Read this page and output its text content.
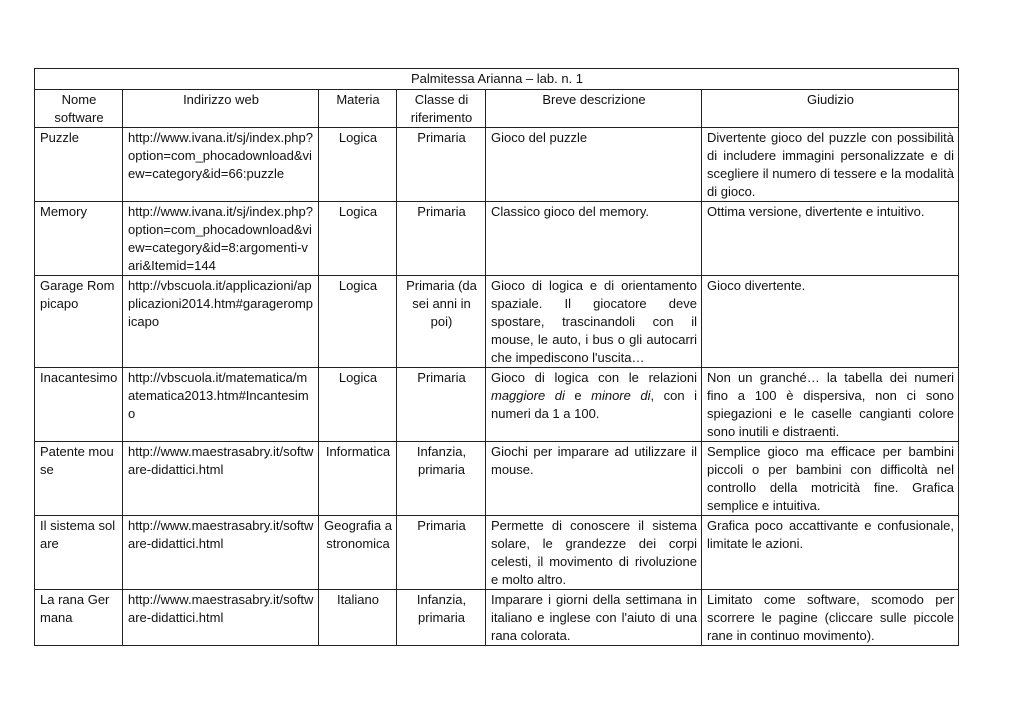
Palmitessa Arianna – lab. n. 1					
Nome software	Indirizzo web	Materia	Classe di riferimento	Breve descrizione	Giudizio
Puzzle	http://www.ivana.it/sj/index.php?option=com_phocadownload&view=category&id=66:puzzle	Logica	Primaria	Gioco del puzzle	Divertente gioco del puzzle con possibilità di includere immagini personalizzate e di scegliere il numero di tessere e la modalità di gioco.
Memory	http://www.ivana.it/sj/index.php?option=com_phocadownload&view=category&id=8:argomenti-vari&Itemid=144	Logica	Primaria	Classico gioco del memory.	Ottima versione, divertente e intuitivo.
Garage Rompicapo	http://vbscuola.it/applicazioni/applicazioni2014.htm#garagerompicapo	Logica	Primaria (da sei anni in poi)	Gioco di logica e di orientamento spaziale. Il giocatore deve spostare, trascinandoli con il mouse, le auto, i bus o gli autocarri che impediscono l'uscita…	Gioco divertente.
Inacantesimo	http://vbscuola.it/matematica/matematica2013.htm#Incantesimo	Logica	Primaria	Gioco di logica con le relazioni maggiore di e minore di, con i numeri da 1 a 100.	Non un granché… la tabella dei numeri fino a 100 è dispersiva, non ci sono spiegazioni e le caselle cangianti colore sono inutili e distraenti.
Patente mouse	http://www.maestrasabry.it/software-didattici.html	Informatica	Infanzia, primaria	Giochi per imparare ad utilizzare il mouse.	Semplice gioco ma efficace per bambini piccoli o per bambini con difficoltà nel controllo della motricità fine. Grafica semplice e intuitiva.
Il sistema solare	http://www.maestrasabry.it/software-didattici.html	Geografia astronomica	Primaria	Permette di conoscere il sistema solare, le grandezze dei corpi celesti, il movimento di rivoluzione e molto altro.	Grafica poco accattivante e confusionale, limitate le azioni.
La rana Germana	http://www.maestrasabry.it/software-didattici.html	Italiano	Infanzia, primaria	Imparare i giorni della settimana in italiano e inglese con l'aiuto di una rana colorata.	Limitato come software, scomodo per scorrere le pagine (cliccare sulle piccole rane in continuo movimento).
